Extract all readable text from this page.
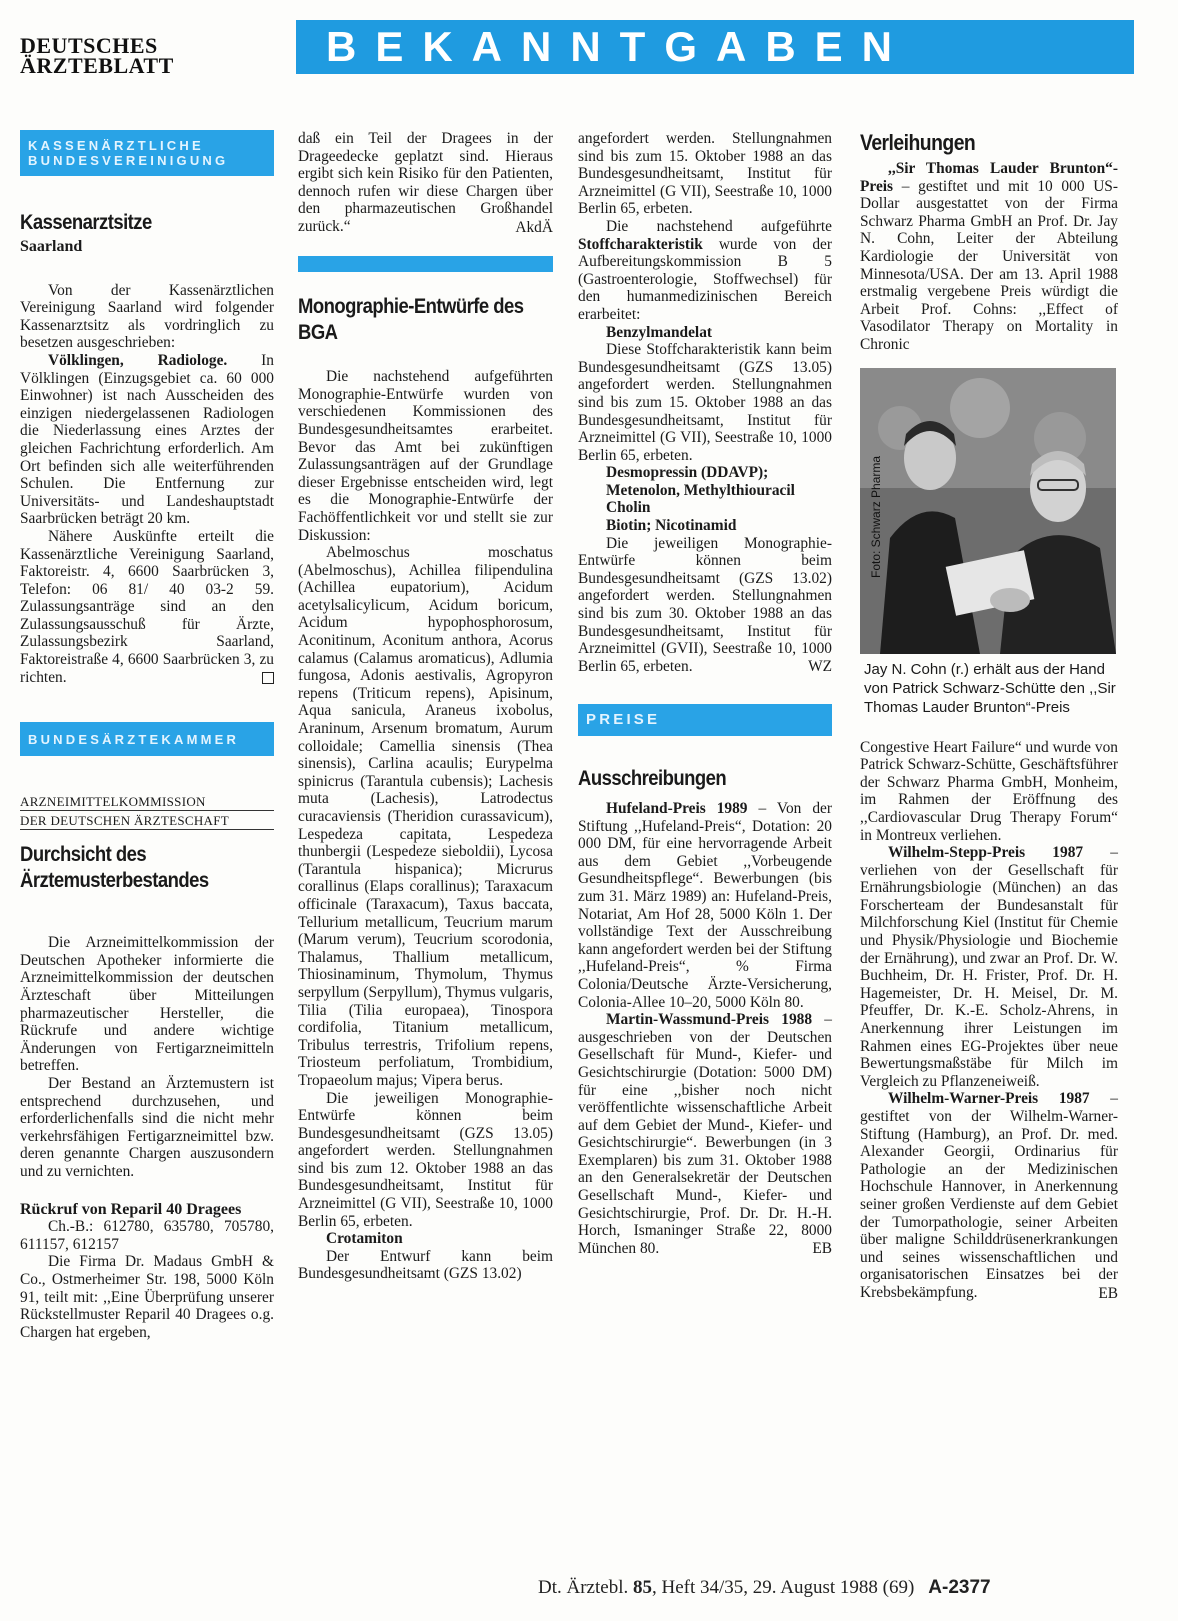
DEUTSCHES
ÄRZTEBLATT	BEKANNTGABEN
KASSENÄRZTLICHE
BUNDESVEREINIGUNG
Kassenarztsitze
Saarland

Von der Kassenärztlichen Vereinigung Saarland wird folgender Kassenarztsitz als vordringlich zu besetzen ausgeschrieben:

Völklingen, Radiologe. In Völklingen (Einzugsgebiet ca. 60 000 Einwohner) ist nach Ausscheiden des einzigen niedergelassenen Radiologen die Niederlassung eines Arztes der gleichen Fachrichtung erforderlich. Am Ort befinden sich alle weiterführenden Schulen. Die Entfernung zur Universitäts- und Landeshauptstadt Saarbrücken beträgt 20 km.

Nähere Auskünfte erteilt die Kassenärztliche Vereinigung Saarland, Faktoreistr. 4, 6600 Saarbrücken 3, Telefon: 06 81/ 40 03-2 59. Zulassungsanträge sind an den Zulassungsausschuß für Ärzte, Zulassungsbezirk Saarland, Faktoreistraße 4, 6600 Saarbrücken 3, zu richten.

BUNDESÄRZTEKAMMER
ARZNEIMITTELKOMMISSION
DER DEUTSCHEN ÄRZTESCHAFT
Durchsicht des Ärztemusterbestandes

Die Arzneimittelkommission der Deutschen Apotheker informierte die Arzneimittelkommission der deutschen Ärzteschaft über Mitteilungen pharmazeutischer Hersteller, die Rückrufe und andere wichtige Änderungen von Fertigarzneimitteln betreffen.

Der Bestand an Ärztemustern ist entsprechend durchzusehen, und erforderlichenfalls sind die nicht mehr verkehrsfähigen Fertigarzneimittel bzw. deren genannte Chargen auszusondern und zu vernichten.

Rückruf von Reparil 40 Dragees

Ch.-B.: 612780, 635780, 705780, 611157, 612157

Die Firma Dr. Madaus GmbH & Co., Ostmerheimer Str. 198, 5000 Köln 91, teilt mit: ,,Eine Überprüfung unserer Rückstellmuster Reparil 40 Dragees o.g. Chargen hat ergeben,

daß ein Teil der Dragees in der Drageedecke geplatzt sind. Hieraus ergibt sich kein Risiko für den Patienten, dennoch rufen wir diese Chargen über den pharmazeutischen Großhandel zurück.“	AkdÄ
Monographie-Entwürfe des BGA

Die nachstehend aufgeführten Monographie-Entwürfe wurden von verschiedenen Kommissionen des Bundesgesundheitsamtes erarbeitet. Bevor das Amt bei zukünftigen Zulassungsanträgen auf der Grundlage dieser Ergebnisse entscheiden wird, legt es die Monographie-Entwürfe der Fachöffentlichkeit vor und stellt sie zur Diskussion:

Abelmoschus moschatus (Abelmoschus), Achillea filipendulina (Achillea eupatorium), Acidum acetylsalicylicum, Acidum boricum, Acidum hypophosphorosum, Aconitinum, Aconitum anthora, Acorus calamus (Calamus aromaticus), Adlumia fungosa, Adonis aestivalis, Agropyron repens (Triticum repens), Apisinum, Aqua sanicula, Araneus ixobolus, Araninum, Arsenum bromatum, Aurum colloidale; Camellia sinensis (Thea sinensis), Carlina acaulis; Eurypelma spinicrus (Tarantula cubensis); Lachesis muta (Lachesis), Latrodectus curacaviensis (Theridion curassavicum), Lespedeza capitata, Lespedeza thunbergii (Lespedeze sieboldii), Lycosa (Tarantula hispanica); Micrurus corallinus (Elaps corallinus); Taraxacum officinale (Taraxacum), Taxus baccata, Tellurium metallicum, Teucrium marum (Marum verum), Teucrium scorodonia, Thalamus, Thallium metallicum, Thiosinaminum, Thymolum, Thymus serpyllum (Serpyllum), Thymus vulgaris, Tilia (Tilia europaea), Tinospora cordifolia, Titanium metallicum, Tribulus terrestris, Trifolium repens, Triosteum perfoliatum, Trombidium, Tropaeolum majus; Vipera berus.

Die jeweiligen Monographie-Entwürfe können beim Bundesgesundheitsamt (GZS 13.05) angefordert werden. Stellungnahmen sind bis zum 12. Oktober 1988 an das Bundesgesundheitsamt, Institut für Arzneimittel (G VII), Seestraße 10, 1000 Berlin 65, erbeten.

Crotamiton

Der Entwurf kann beim Bundesgesundheitsamt (GZS 13.02)

angefordert werden. Stellungnahmen sind bis zum 15. Oktober 1988 an das Bundesgesundheitsamt, Institut für Arzneimittel (G VII), Seestraße 10, 1000 Berlin 65, erbeten.

Die nachstehend aufgeführte Stoffcharakteristik wurde von der Aufbereitungskommission B 5 (Gastroenterologie, Stoffwechsel) für den humanmedizinischen Bereich erarbeitet:

Benzylmandelat

Diese Stoffcharakteristik kann beim Bundesgesundheitsamt (GZS 13.05) angefordert werden. Stellungnahmen sind bis zum 15. Oktober 1988 an das Bundesgesundheitsamt, Institut für Arzneimittel (G VII), Seestraße 10, 1000 Berlin 65, erbeten.

Desmopressin (DDAVP); Metenolon, Methylthiouracil
Cholin
Biotin; Nicotinamid

Die jeweiligen Monographie-Entwürfe können beim Bundesgesundheitsamt (GZS 13.02) angefordert werden. Stellungnahmen sind bis zum 30. Oktober 1988 an das Bundesgesundheitsamt, Institut für Arzneimittel (GVII), Seestraße 10, 1000 Berlin 65, erbeten.	WZ
PREISE
Ausschreibungen

Hufeland-Preis 1989 – Von der Stiftung ,,Hufeland-Preis“, Dotation: 20 000 DM, für eine hervorragende Arbeit aus dem Gebiet ,,Vorbeugende Gesundheitspflege“. Bewerbungen (bis zum 31. März 1989) an: Hufeland-Preis, Notariat, Am Hof 28, 5000 Köln 1. Der vollständige Text der Ausschreibung kann angefordert werden bei der Stiftung ,,Hufeland-Preis“, % Firma Colonia/Deutsche Ärzte-Versicherung, Colonia-Allee 10–20, 5000 Köln 80.

Martin-Wassmund-Preis 1988 – ausgeschrieben von der Deutschen Gesellschaft für Mund-, Kiefer- und Gesichtschirurgie (Dotation: 5000 DM) für eine ,,bisher noch nicht veröffentlichte wissenschaftliche Arbeit auf dem Gebiet der Mund-, Kiefer- und Gesichtschirurgie“. Bewerbungen (in 3 Exemplaren) bis zum 31. Oktober 1988 an den Generalsekretär der Deutschen Gesellschaft Mund-, Kiefer- und Gesichtschirurgie, Prof. Dr. Dr. H.-H. Horch, Ismaninger Straße 22, 8000 München 80.	EB
Verleihungen

,,Sir Thomas Lauder Brunton“-Preis – gestiftet und mit 10 000 US-Dollar ausgestattet von der Firma Schwarz Pharma GmbH an Prof. Dr. Jay N. Cohn, Leiter der Abteilung Kardiologie der Universität von Minnesota/USA. Der am 13. April 1988 erstmalig vergebene Preis würdigt die Arbeit Prof. Cohns: ,,Effect of Vasodilator Therapy on Mortality in Chronic

Foto: Schwarz Pharma
Jay N. Cohn (r.) erhält aus der Hand von Patrick Schwarz-Schütte den ,,Sir Thomas Lauder Brunton“-Preis

Congestive Heart Failure“ und wurde von Patrick Schwarz-Schütte, Geschäftsführer der Schwarz Pharma GmbH, Monheim, im Rahmen der Eröffnung des ,,Cardiovascular Drug Therapy Forum“ in Montreux verliehen.

Wilhelm-Stepp-Preis 1987 – verliehen von der Gesellschaft für Ernährungsbiologie (München) an das Forscherteam der Bundesanstalt für Milchforschung Kiel (Institut für Chemie und Physik/Physiologie und Biochemie der Ernährung), und zwar an Prof. Dr. W. Buchheim, Dr. H. Frister, Prof. Dr. H. Hagemeister, Dr. H. Meisel, Dr. M. Pfeuffer, Dr. K.-E. Scholz-Ahrens, in Anerkennung ihrer Leistungen im Rahmen eines EG-Projektes über neue Bewertungsmaßstäbe für Milch im Vergleich zu Pflanzeneiweiß.

Wilhelm-Warner-Preis 1987 – gestiftet von der Wilhelm-Warner-Stiftung (Hamburg), an Prof. Dr. med. Alexander Georgii, Ordinarius für Pathologie an der Medizinischen Hochschule Hannover, in Anerkennung seiner großen Verdienste auf dem Gebiet der Tumorpathologie, seiner Arbeiten über maligne Schilddrüsenerkrankungen und seines wissenschaftlichen und organisatorischen Einsatzes bei der Krebsbekämpfung.	EB
Dt. Ärztebl. 85, Heft 34/35, 29. August 1988 (69) A-2377
